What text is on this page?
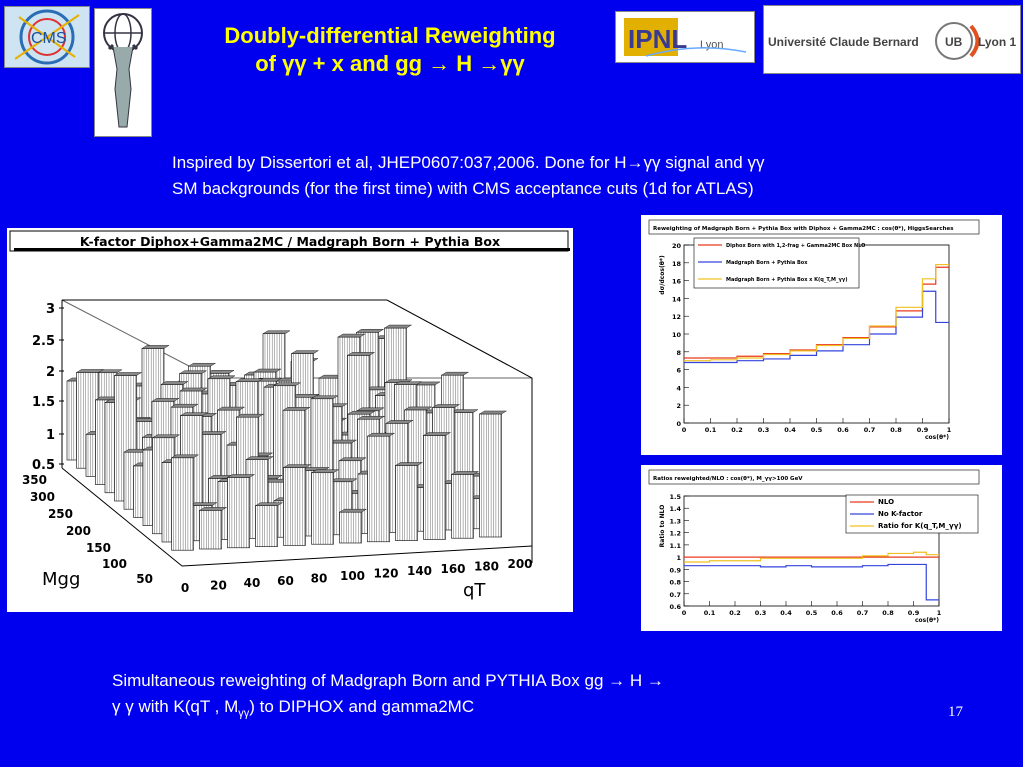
CMS	IPNL Lyon	Université Claude Bernard UB Lyon 1
Doubly-differential Reweighting
of γγ + x and gg → H →γγ
Inspired by Dissertori et al, JHEP0607:037,2006. Done for H→γγ signal and γγ
SM backgrounds (for the first time) with CMS acceptance cuts (1d for ATLAS)
K-factor Diphox+Gamma2MC / Madgraph Born + Pythia Box
3
2.5
2
1.5
1
0.5
350
300
250
200
150
100
50
0 20 40 60 80 100 120 140 160 180 200
Mgg
qT
Reweighting of Madgraph Born + Pythia Box with Diphox + Gamma2MC : cos(θ*), HiggsSearches
0	0.1 0.2 0.3 0.4 0.5 0.6 0.7 0.8 0.9	1
0
2
4
6
8
10
12
14
16
18
20
cos(θ*)
dσ/dcos(θ*)
Diphox Born with 1,2-frag + Gamma2MC Box NLO
Madgraph Born + Pythia Box
Madgraph Born + Pythia Box x K(q_T,M_γγ)
Ratios reweighted/NLO : cos(θ*), M_γγ>100 GeV
0	0.1 0.2 0.3 0.4 0.5 0.6 0.7 0.8 0.9	1
0.6
0.7
0.8
0.9
1
1.1
1.2
1.3
1.4
1.5
cos(θ*)
Ratio to NLO
NLO
No K-factor
Ratio for K(q_T,M_γγ)
Simultaneous reweighting of Madgraph Born and PYTHIA Box gg → H →
γ γ with K(qT , $M_{\gamma\gamma}$) to DIPHOX and gamma2MC	17
